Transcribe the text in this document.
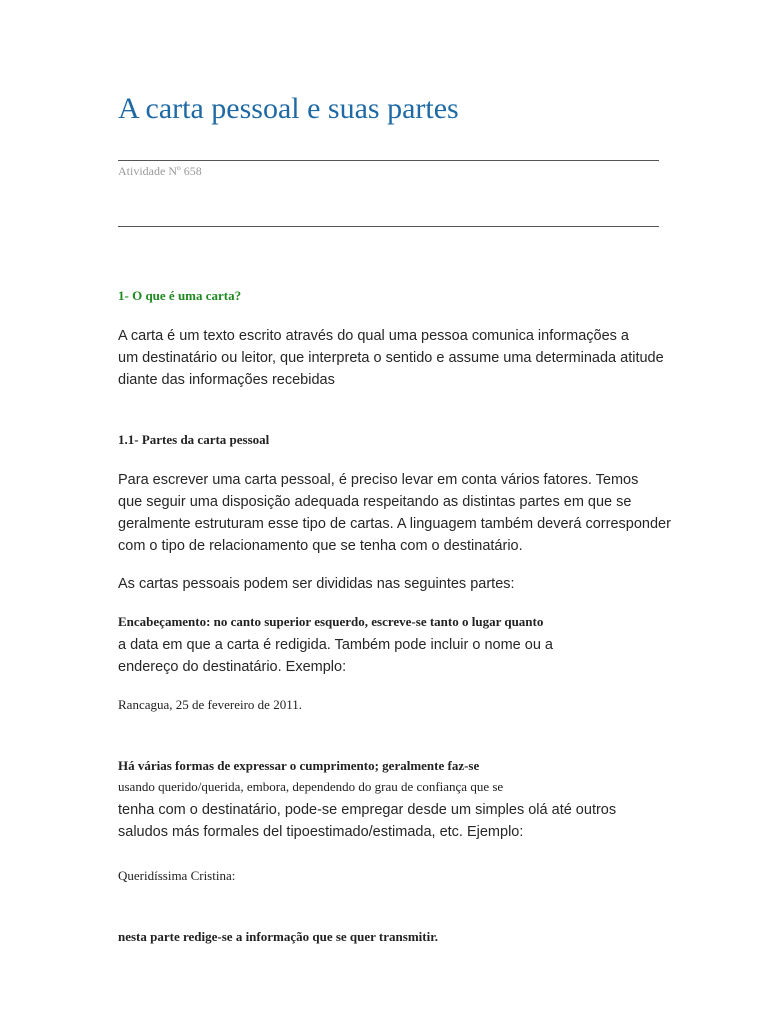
A carta pessoal e suas partes
Atividade Nº 658
1- O que é uma carta?
A carta é um texto escrito através do qual uma pessoa comunica informações a
um destinatário ou leitor, que interpreta o sentido e assume uma determinada atitude
diante das informações recebidas
1.1- Partes da carta pessoal
Para escrever uma carta pessoal, é preciso levar em conta vários fatores. Temos
que seguir uma disposição adequada respeitando as distintas partes em que se
geralmente estruturam esse tipo de cartas. A linguagem também deverá corresponder
com o tipo de relacionamento que se tenha com o destinatário.
As cartas pessoais podem ser divididas nas seguintes partes:
Encabeçamento: no canto superior esquerdo, escreve-se tanto o lugar quanto
a data em que a carta é redigida. Também pode incluir o nome ou a
endereço do destinatário. Exemplo:
Rancagua, 25 de fevereiro de 2011.
Há várias formas de expressar o cumprimento; geralmente faz-se
usando querido/querida, embora, dependendo do grau de confiança que se
tenha com o destinatário, pode-se empregar desde um simples olá até outros
saludos más formales del tipoestimado/estimada, etc. Ejemplo:
Queridíssima Cristina:
nesta parte redige-se a informação que se quer transmitir.
